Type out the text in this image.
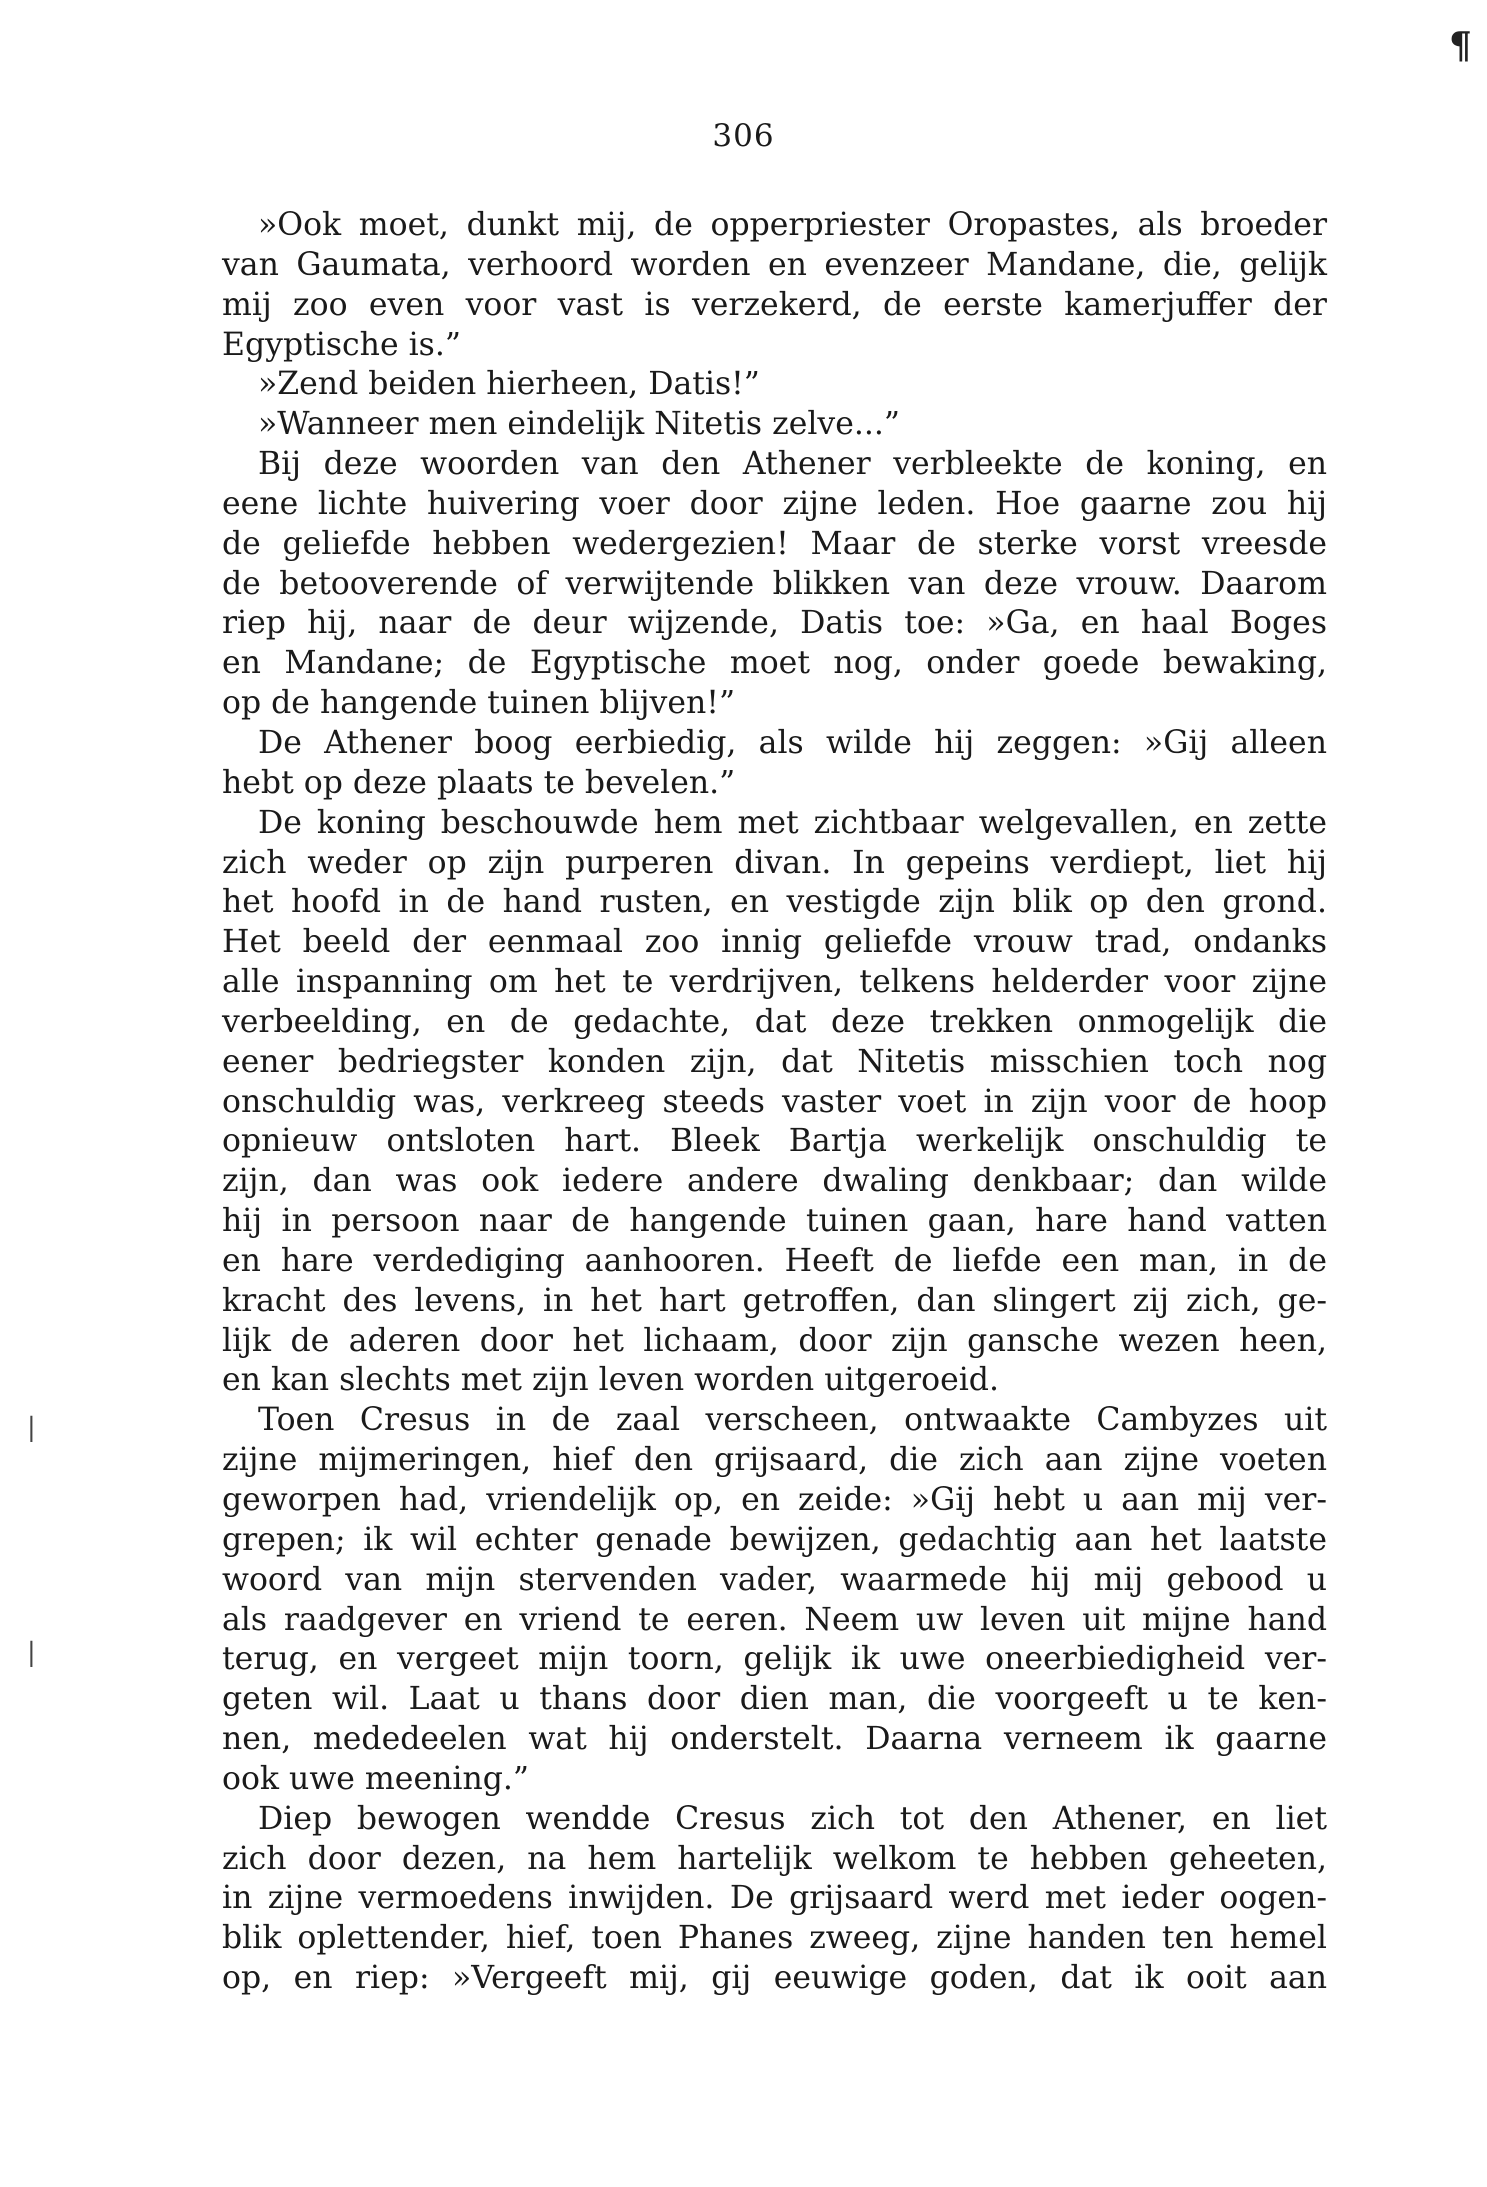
306
¶
|
|
»Ook moet, dunkt mij, de opperpriester Oropastes, als broeder
van Gaumata, verhoord worden en evenzeer Mandane, die, gelijk
mij zoo even voor vast is verzekerd, de eerste kamerjuffer der
Egyptische is.”
»Zend beiden hierheen, Datis!”
»Wanneer men eindelijk Nitetis zelve...”
Bij deze woorden van den Athener verbleekte de koning, en
eene lichte huivering voer door zijne leden. Hoe gaarne zou hij
de geliefde hebben wedergezien! Maar de sterke vorst vreesde
de betooverende of verwijtende blikken van deze vrouw. Daarom
riep hij, naar de deur wijzende, Datis toe: »Ga, en haal Boges
en Mandane; de Egyptische moet nog, onder goede bewaking,
op de hangende tuinen blijven!”
De Athener boog eerbiedig, als wilde hij zeggen: »Gij alleen
hebt op deze plaats te bevelen.”
De koning beschouwde hem met zichtbaar welgevallen, en zette
zich weder op zijn purperen divan. In gepeins verdiept, liet hij
het hoofd in de hand rusten, en vestigde zijn blik op den grond.
Het beeld der eenmaal zoo innig geliefde vrouw trad, ondanks
alle inspanning om het te verdrijven, telkens helderder voor zijne
verbeelding, en de gedachte, dat deze trekken onmogelijk die
eener bedriegster konden zijn, dat Nitetis misschien toch nog
onschuldig was, verkreeg steeds vaster voet in zijn voor de hoop
opnieuw ontsloten hart. Bleek Bartja werkelijk onschuldig te
zijn, dan was ook iedere andere dwaling denkbaar; dan wilde
hij in persoon naar de hangende tuinen gaan, hare hand vatten
en hare verdediging aanhooren. Heeft de liefde een man, in de
kracht des levens, in het hart getroffen, dan slingert zij zich, ge-
lijk de aderen door het lichaam, door zijn gansche wezen heen,
en kan slechts met zijn leven worden uitgeroeid.
Toen Cresus in de zaal verscheen, ontwaakte Cambyzes uit
zijne mijmeringen, hief den grijsaard, die zich aan zijne voeten
geworpen had, vriendelijk op, en zeide: »Gij hebt u aan mij ver-
grepen; ik wil echter genade bewijzen, gedachtig aan het laatste
woord van mijn stervenden vader, waarmede hij mij gebood u
als raadgever en vriend te eeren. Neem uw leven uit mijne hand
terug, en vergeet mijn toorn, gelijk ik uwe oneerbiedigheid ver-
geten wil. Laat u thans door dien man, die voorgeeft u te ken-
nen, mededeelen wat hij onderstelt. Daarna verneem ik gaarne
ook uwe meening.”
Diep bewogen wendde Cresus zich tot den Athener, en liet
zich door dezen, na hem hartelijk welkom te hebben geheeten,
in zijne vermoedens inwijden. De grijsaard werd met ieder oogen-
blik oplettender, hief, toen Phanes zweeg, zijne handen ten hemel
op, en riep: »Vergeeft mij, gij eeuwige goden, dat ik ooit aan
